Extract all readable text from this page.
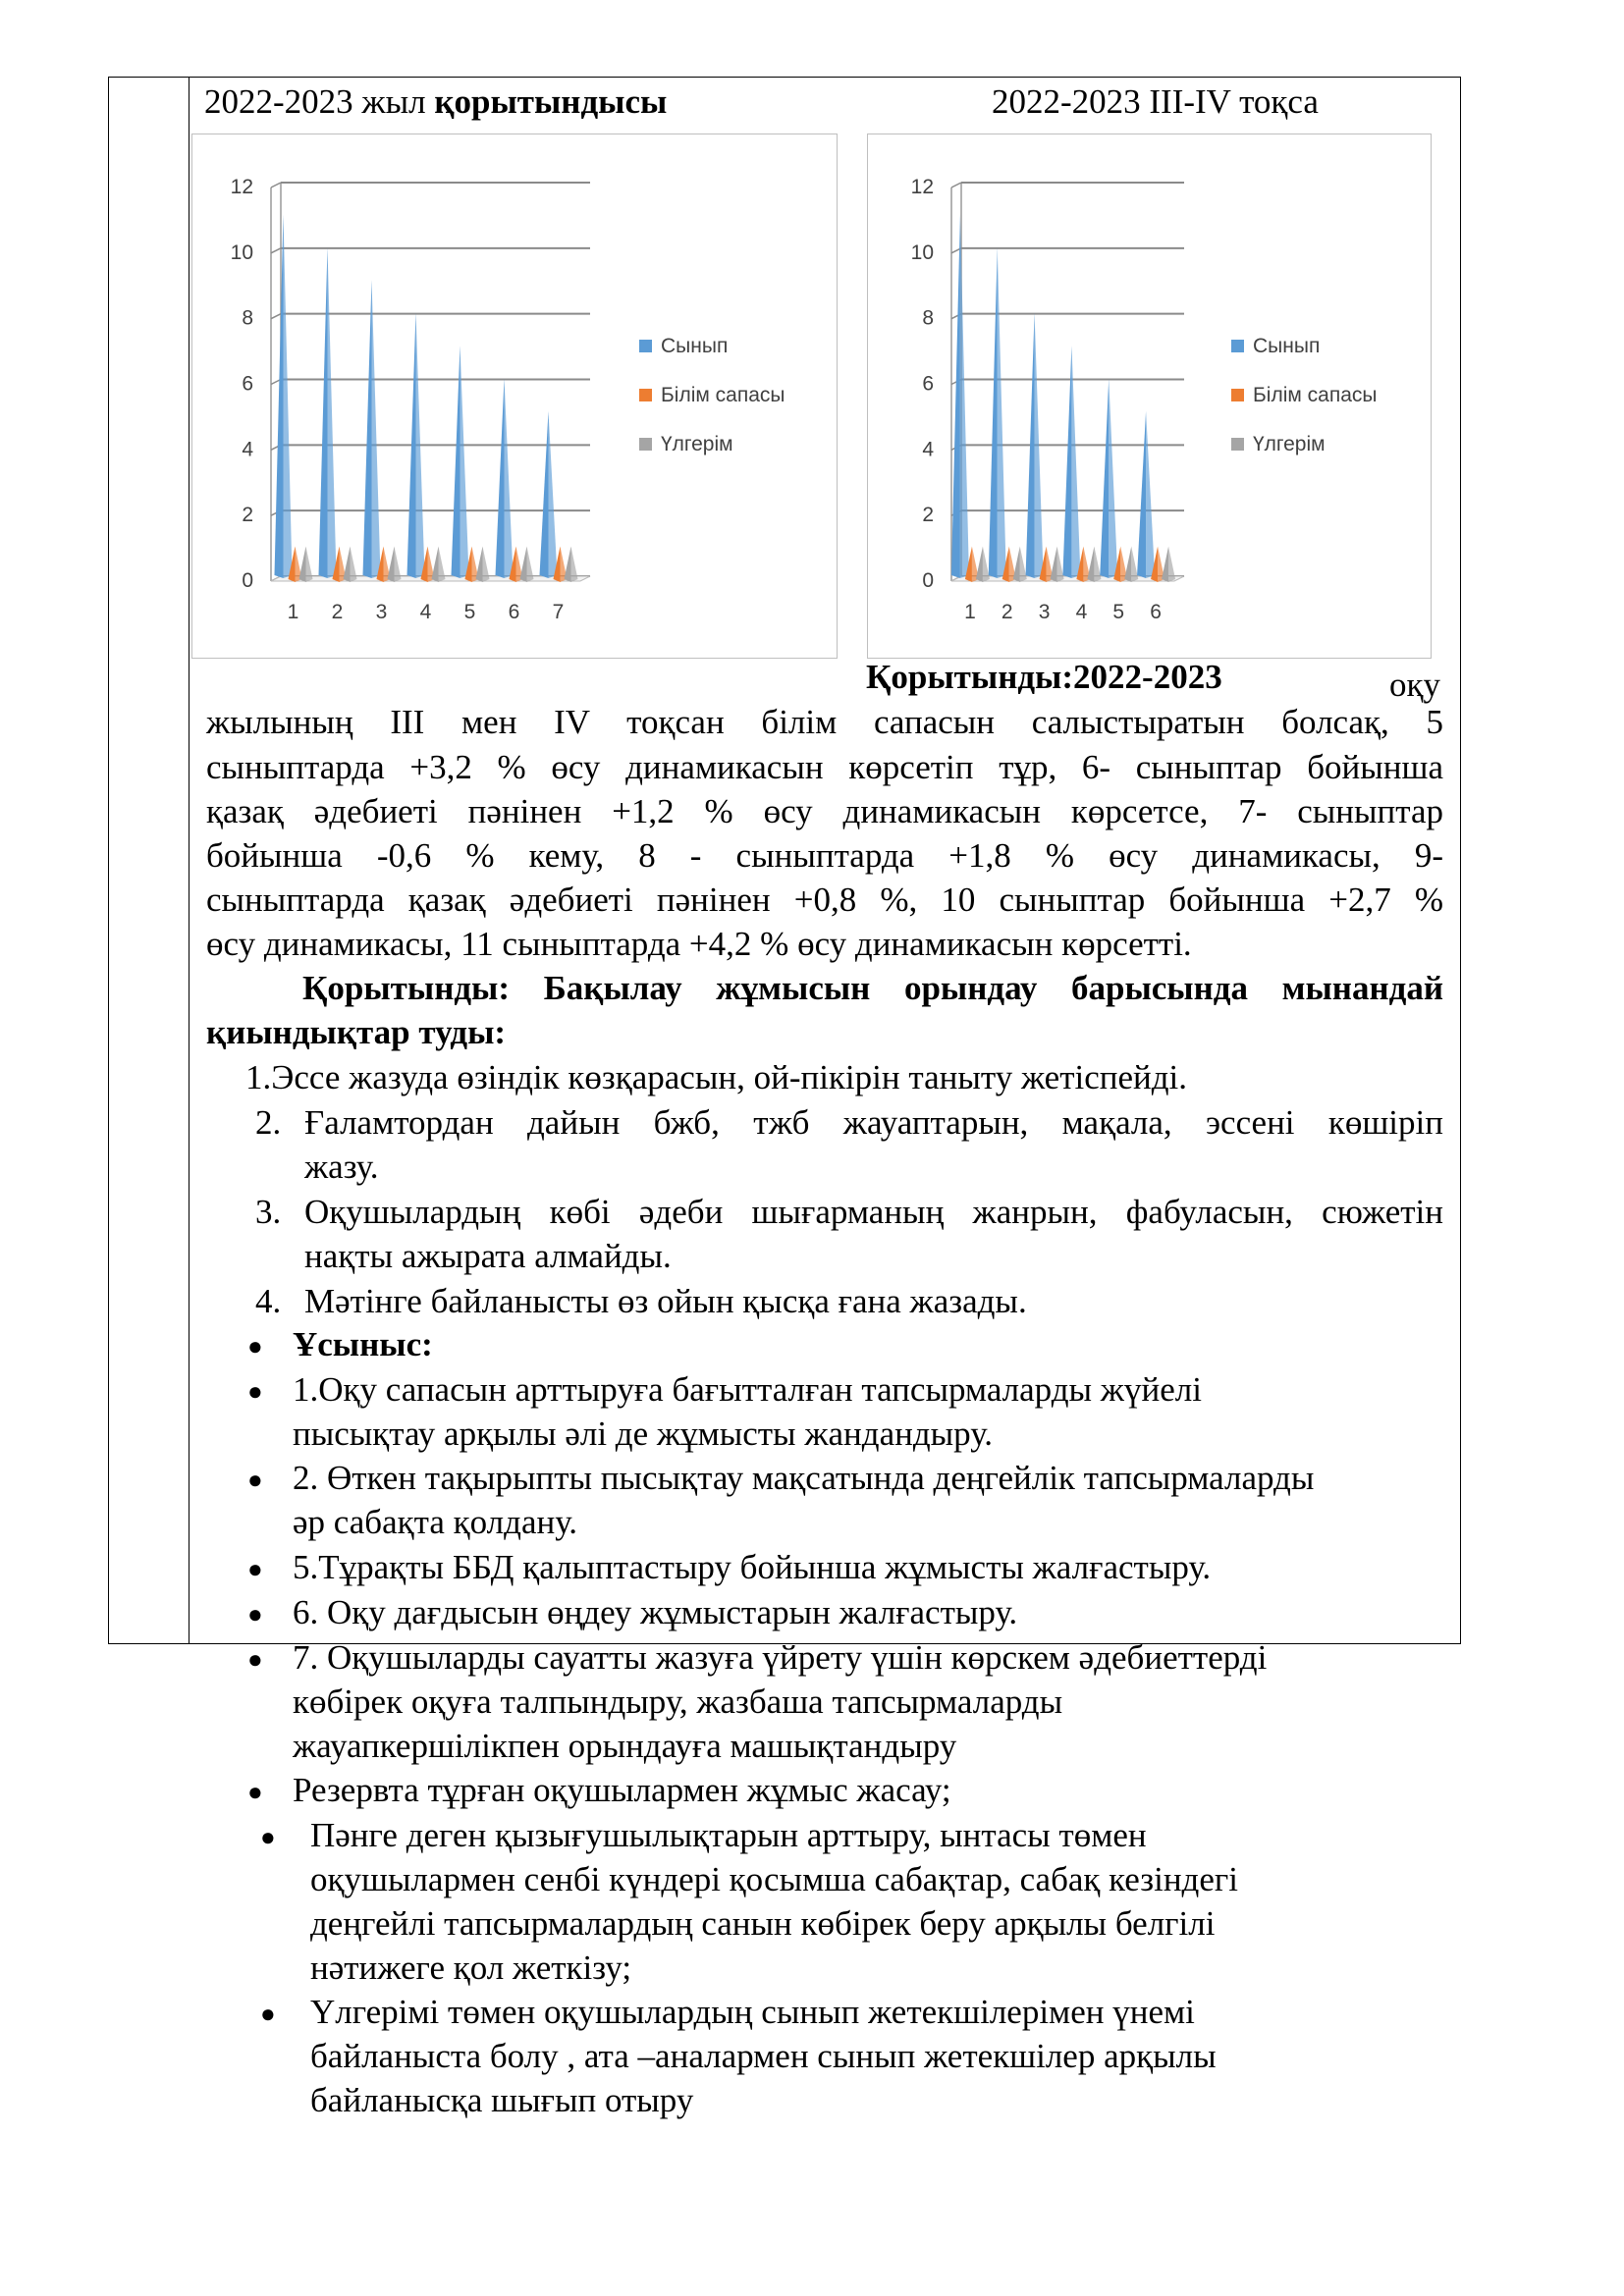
2022-2023 жыл қорытындысы	2022-2023 ІІІ-ІV тоқса
0
2
4
6
8
10
12
1 2 3 4 5 6 7
Сынып
Білім сапасы
Үлгерім
0
2
4
6
8
10
12
1 2 3 4 5 6
Сынып
Білім сапасы
Үлгерім
Қорытынды:2022-2023	оқу
жылының ІІІ мен ІV тоқсан білім сапасын салыстыратын болсақ, 5
сыныптарда +3,2 % өсу динамикасын көрсетіп тұр, 6- сыныптар бойынша
қазақ әдебиеті пәнінен +1,2 % өсу динамикасын көрсетсе, 7- сыныптар
бойынша -0,6 % кему, 8 - сыныптарда +1,8 % өсу динамикасы, 9-
сыныптарда қазақ әдебиеті пәнінен +0,8 %, 10 сыныптар бойынша +2,7 %
өсу динамикасы, 11 сыныптарда +4,2 % өсу динамикасын көрсетті.
Қорытынды: Бақылау жұмысын орындау барысында мынандай
қиындықтар туды:
1.Эссе жазуда өзіндік көзқарасын, ой-пікірін таныту жетіспейді.
2. Ғаламтордан дайын бжб, тжб жауаптарын, мақала, эссені көшіріп
жазу.
3. Оқушылардың көбі әдеби шығарманың жанрын, фабуласын, сюжетін
нақты ажырата алмайды.
4. Мәтінге байланысты өз ойын қысқа ғана жазады.
● Ұсыныс:
● 1.Оқу сапасын арттыруға бағытталған тапсырмаларды жүйелі
пысықтау арқылы әлі де жұмысты жандандыру.
● 2. Өткен тақырыпты пысықтау мақсатында деңгейлік тапсырмаларды
әр сабақта қолдану.
● 5.Тұрақты ББД қалыптастыру бойынша жұмысты жалғастыру.
● 6. Оқу дағдысын өңдеу жұмыстарын жалғастыру.
● 7. Оқушыларды сауатты жазуға үйрету үшін көрскем әдебиеттерді
көбірек оқуға талпындыру, жазбаша тапсырмаларды
жауапкершілікпен орындауға машықтандыру
● Резервта тұрған оқушылармен жұмыс жасау;
● Пәнге деген қызығушылықтарын арттыру, ынтасы төмен
оқушылармен сенбі күндері қосымша сабақтар, сабақ кезіндегі
деңгейлі тапсырмалардың санын көбірек беру арқылы белгілі
нәтижеге қол жеткізу;
● Үлгерімі төмен оқушылардың сынып жетекшілерімен үнемі
байланыста болу , ата –аналармен сынып жетекшілер арқылы
байланысқа шығып отыру
